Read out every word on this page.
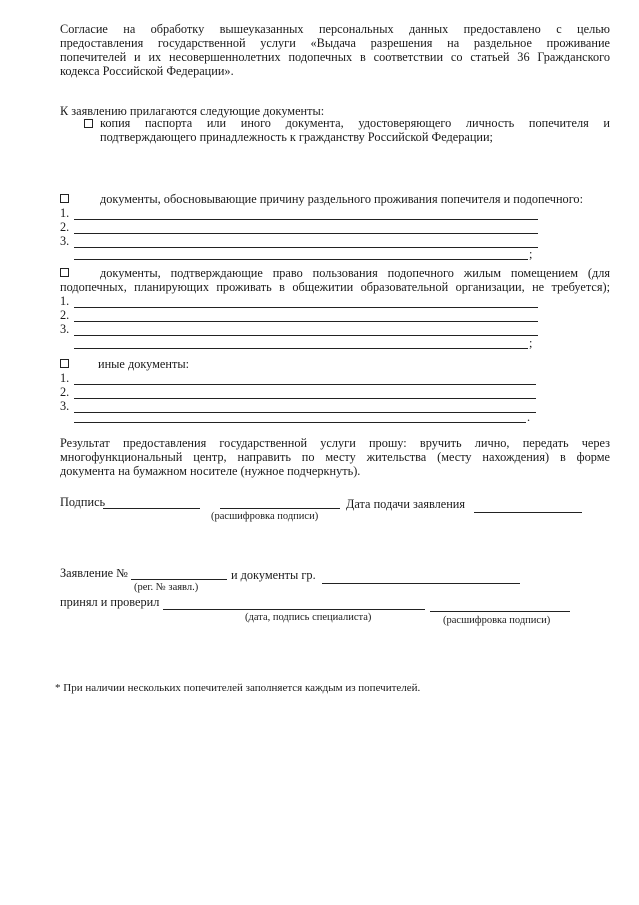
Согласие на обработку вышеуказанных персональных данных предоставлено с целью
предоставления государственной услуги «Выдача разрешения на раздельное проживание
попечителей и их несовершеннолетних подопечных в соответствии со статьей 36 Гражданского
кодекса Российской Федерации».
К заявлению прилагаются следующие документы:
копия паспорта или иного документа, удостоверяющего личность попечителя и
подтверждающего принадлежность к гражданству Российской Федерации;
документы, обосновывающие причину раздельного проживания попечителя и подопечного:
1.
2.
3.
;
документы, подтверждающие право пользования подопечного жилым помещением (для
подопечных, планирующих проживать в общежитии образовательной организации, не требуется);
1.
2.
3.
;
иные документы:
1.
2.
3.
.
Результат предоставления государственной услуги прошу: вручить лично, передать через
многофункциональный центр, направить по месту жительства (месту нахождения) в форме
документа на бумажном носителе (нужное подчеркнуть).
Подпись	Дата подачи заявления
(расшифровка подписи)
Заявление №	и документы гр.
(рег. № заявл.)
принял и проверил
(дата, подпись специалиста)	(расшифровка подписи)
* При наличии нескольких попечителей заполняется каждым из попечителей.
